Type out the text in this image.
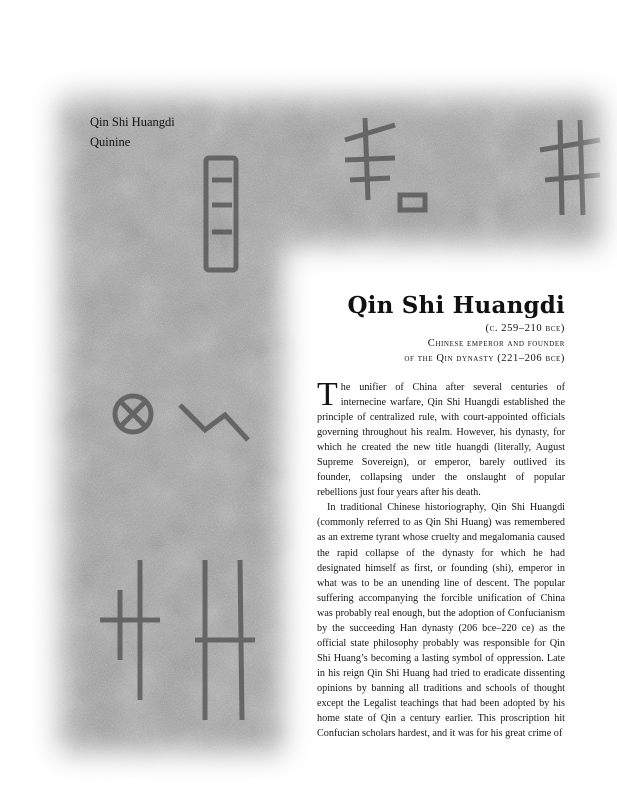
Qin Shi Huangdi
Quinine
Qin Shi Huangdi
(c. 259–210 bce)
Chinese emperor and founder
of the Qin dynasty (221–206 bce)

The unifier of China after several centuries of internecine warfare, Qin Shi Huangdi established the principle of centralized rule, with court-appointed officials governing throughout his realm. However, his dynasty, for which he created the new title huangdi (literally, August Supreme Sovereign), or emperor, barely outlived its founder, collapsing under the onslaught of popular rebellions just four years after his death.

In traditional Chinese historiography, Qin Shi Huangdi (commonly referred to as Qin Shi Huang) was remembered as an extreme tyrant whose cruelty and megalomania caused the rapid collapse of the dynasty for which he had designated himself as first, or founding (shi), emperor in what was to be an unending line of descent. The popular suffering accompanying the forcible unification of China was probably real enough, but the adoption of Confucianism by the succeeding Han dynasty (206 bce–220 ce) as the official state philosophy probably was responsible for Qin Shi Huang’s becoming a lasting symbol of oppression. Late in his reign Qin Shi Huang had tried to eradicate dissenting opinions by banning all traditions and schools of thought except the Legalist teachings that had been adopted by his home state of Qin a century earlier. This proscription hit Confucian scholars hardest, and it was for his great crime of
